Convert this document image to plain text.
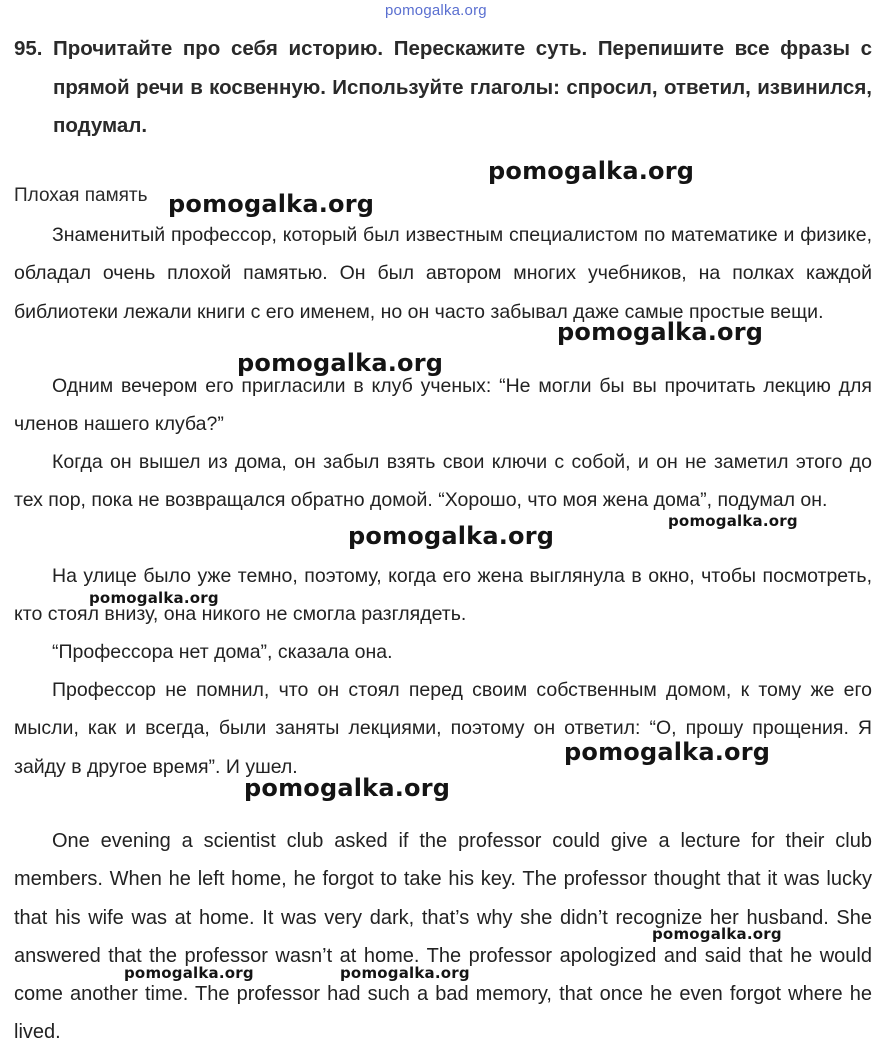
pomogalka.org
95. Прочитайте про себя историю. Перескажите суть. Перепишите все фразы с прямой речи в косвенную. Используйте глаголы: спросил, ответил, извинился, подумал.
Плохая память
Знаменитый профессор, который был известным специалистом по математике и физике, обладал очень плохой памятью. Он был автором многих учебников, на полках каждой библиотеки лежали книги с его именем, но он часто забывал даже самые простые вещи.
Одним вечером его пригласили в клуб ученых: “Не могли бы вы прочитать лекцию для членов нашего клуба?”
Когда он вышел из дома, он забыл взять свои ключи с собой, и он не заметил этого до тех пор, пока не возвращался обратно домой. “Хорошо, что моя жена дома”, подумал он.
На улице было уже темно, поэтому, когда его жена выглянула в окно, чтобы посмотреть, кто стоял внизу, она никого не смогла разглядеть.
“Профессора нет дома”, сказала она.
Профессор не помнил, что он стоял перед своим собственным домом, к тому же его мысли, как и всегда, были заняты лекциями, поэтому он ответил: “О, прошу прощения. Я зайду в другое время”. И ушел.
One evening a scientist club asked if the professor could give a lecture for their club members. When he left home, he forgot to take his key. The professor thought that it was lucky that his wife was at home. It was very dark, that’s why she didn’t recognize her husband. She answered that the professor wasn’t at home. The professor apologized and said that he would come another time. The professor had such a bad memory, that once he even forgot where he lived.
pomogalka.org
pomogalka.org
pomogalka.org
pomogalka.org
pomogalka.org
pomogalka.org
pomogalka.org
pomogalka.org
pomogalka.org
pomogalka.org
pomogalka.org	pomogalka.org
